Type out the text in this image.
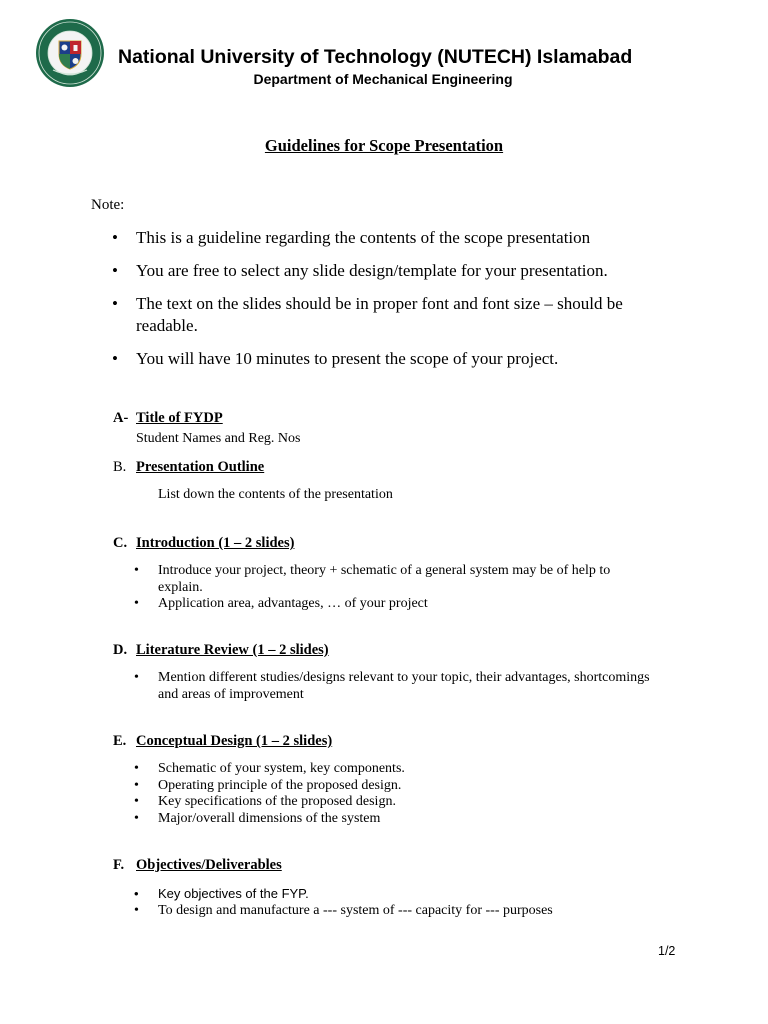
National University of Technology (NUTECH) Islamabad
Department of Mechanical Engineering
Guidelines for Scope Presentation
Note:
• This is a guideline regarding the contents of the scope presentation
• You are free to select any slide design/template for your presentation.
• The text on the slides should be in proper font and font size – should be readable.
• You will have 10 minutes to present the scope of your project.
A- Title of FYDP
Student Names and Reg. Nos
B. Presentation Outline
List down the contents of the presentation
C. Introduction (1 – 2 slides)
• Introduce your project, theory + schematic of a general system may be of help to explain.
• Application area, advantages, … of your project
D. Literature Review (1 – 2 slides)
• Mention different studies/designs relevant to your topic, their advantages, shortcomings and areas of improvement
E. Conceptual Design (1 – 2 slides)
• Schematic of your system, key components.
• Operating principle of the proposed design.
• Key specifications of the proposed design.
• Major/overall dimensions of the system
F. Objectives/Deliverables
• Key objectives of the FYP.
• To design and manufacture a --- system of --- capacity for --- purposes
1/2
